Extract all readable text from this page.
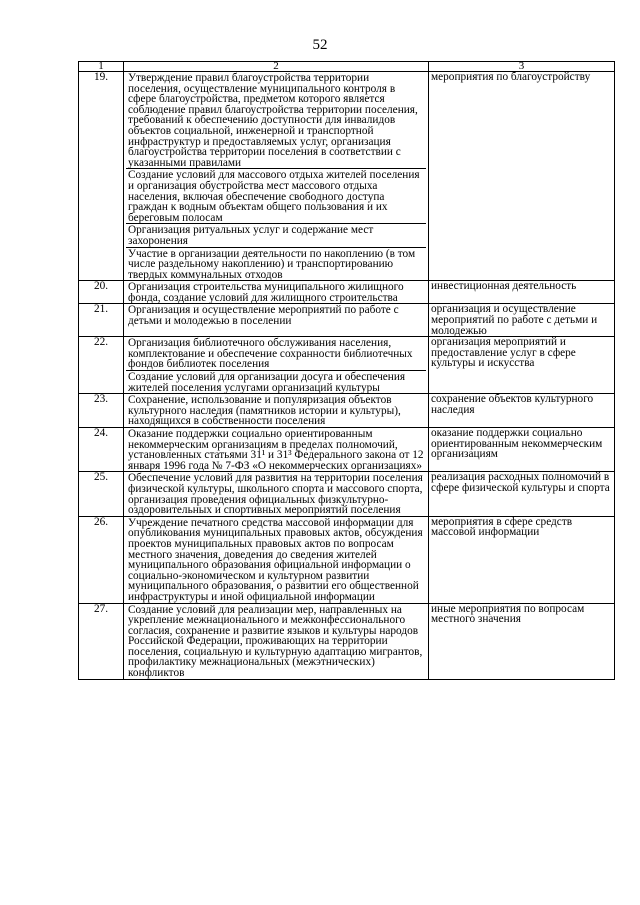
52
1	2	3
19.	Утверждение правил благоустройства территории поселения, осуществление муниципального контроля в сфере благоустройства, предметом которого является соблюдение правил благоустройства территории поселения, требований к обеспечению доступности для инвалидов объектов социальной, инженерной и транспортной инфраструктур и предоставляемых услуг, организация благоустройства территории поселения в соответствии с указанными правилами
Создание условий для массового отдыха жителей поселения и организация обустройства мест массового отдыха населения, включая обеспечение свободного доступа граждан к водным объектам общего пользования и их береговым полосам
Организация ритуальных услуг и содержание мест захоронения
Участие в организации деятельности по накоплению (в том числе раздельному накоплению) и транспортированию твердых коммунальных отходов	мероприятия по благоустройству
20.	Организация строительства муниципального жилищного фонда, создание условий для жилищного строительства	инвестиционная деятельность
21.	Организация и осуществление мероприятий по работе с детьми и молодежью в поселении	организация и осуществление мероприятий по работе с детьми и молодежью
22.	Организация библиотечного обслуживания населения, комплектование и обеспечение сохранности библиотечных фондов библиотек поселения
Создание условий для организации досуга и обеспечения жителей поселения услугами организаций культуры	организация мероприятий и предоставление услуг в сфере культуры и искусства
23.	Сохранение, использование и популяризация объектов культурного наследия (памятников истории и культуры), находящихся в собственности поселения	сохранение объектов культурного наследия
24.	Оказание поддержки социально ориентированным некоммерческим организациям в пределах полномочий, установленных статьями 31¹ и 31³ Федерального закона от 12 января 1996 года № 7-ФЗ «О некоммерческих организациях»	оказание поддержки социально ориентированным некоммерческим организациям
25.	Обеспечение условий для развития на территории поселения физической культуры, школьного спорта и массового спорта, организация проведения официальных физкультурно-оздоровительных и спортивных мероприятий поселения	реализация расходных полномочий в сфере физической культуры и спорта
26.	Учреждение печатного средства массовой информации для опубликования муниципальных правовых актов, обсуждения проектов муниципальных правовых актов по вопросам местного значения, доведения до сведения жителей муниципального образования официальной информации о социально-экономическом и культурном развитии муниципального образования, о развитии его общественной инфраструктуры и иной официальной информации	мероприятия в сфере средств массовой информации
27.	Создание условий для реализации мер, направленных на укрепление межнационального и межконфессионального согласия, сохранение и развитие языков и культуры народов Российской Федерации, проживающих на территории поселения, социальную и культурную адаптацию мигрантов, профилактику межнациональных (межэтнических) конфликтов	иные мероприятия по вопросам местного значения
